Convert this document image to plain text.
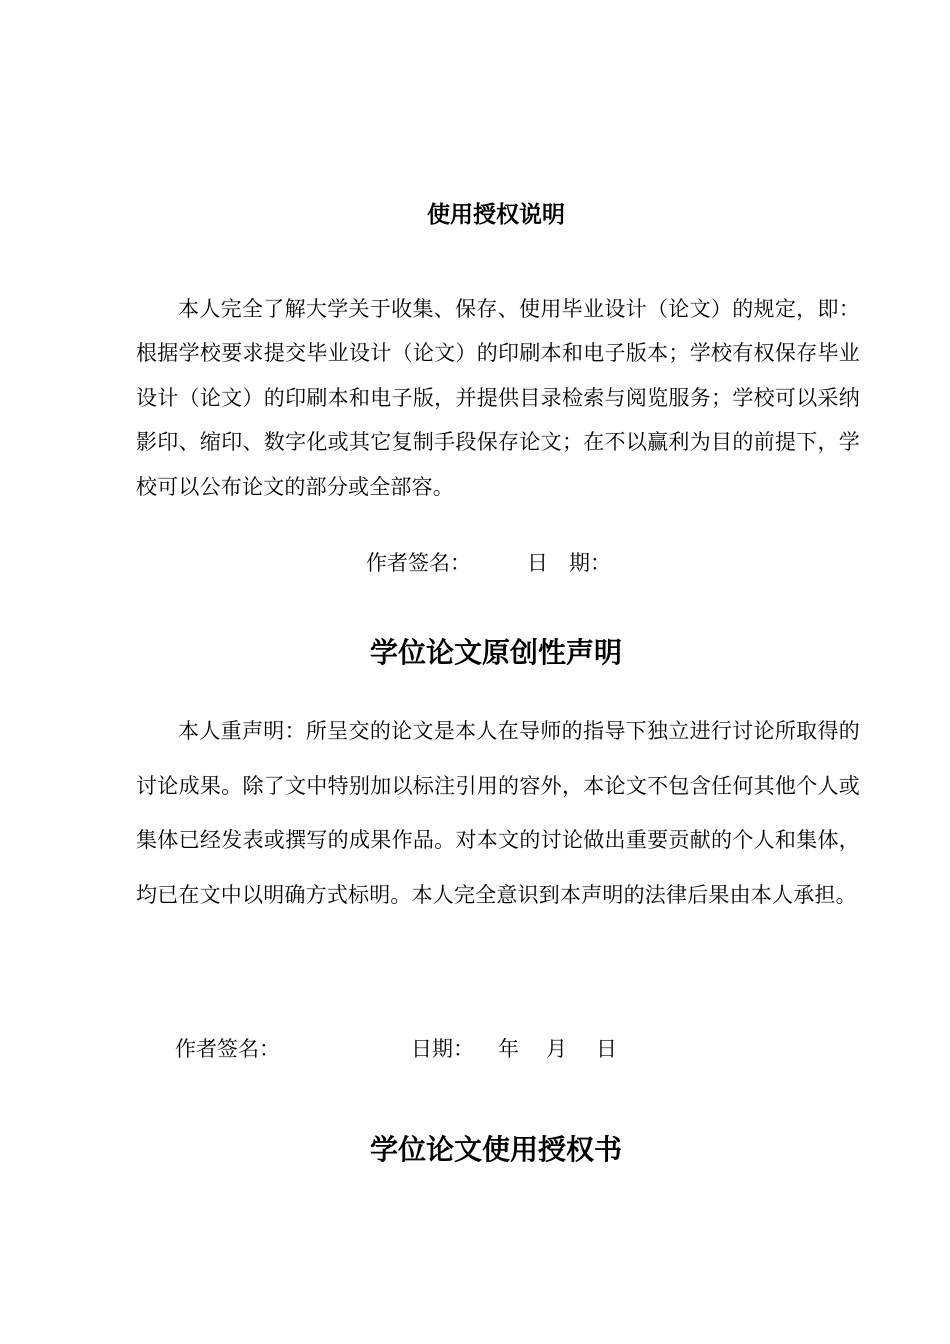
使用授权说明

本人完全了解大学关于收集、保存、使用毕业设计（论文）的规定，即：根据学校要求提交毕业设计（论文）的印刷本和电子版本；学校有权保存毕业设计（论文）的印刷本和电子版，并提供目录检索与阅览服务；学校可以采纳影印、缩印、数字化或其它复制手段保存论文；在不以赢利为目的前提下，学校可以公布论文的部分或全部容。

作者签名：	日　期：
学位论文原创性声明

本人重声明：所呈交的论文是本人在导师的指导下独立进行讨论所取得的讨论成果。除了文中特别加以标注引用的容外，本论文不包含任何其他个人或集体已经发表或撰写的成果作品。对本文的讨论做出重要贡献的个人和集体，均已在文中以明确方式标明。本人完全意识到本声明的法律后果由本人承担。

作者签名：	日期： 年 月 日
学位论文使用授权书
